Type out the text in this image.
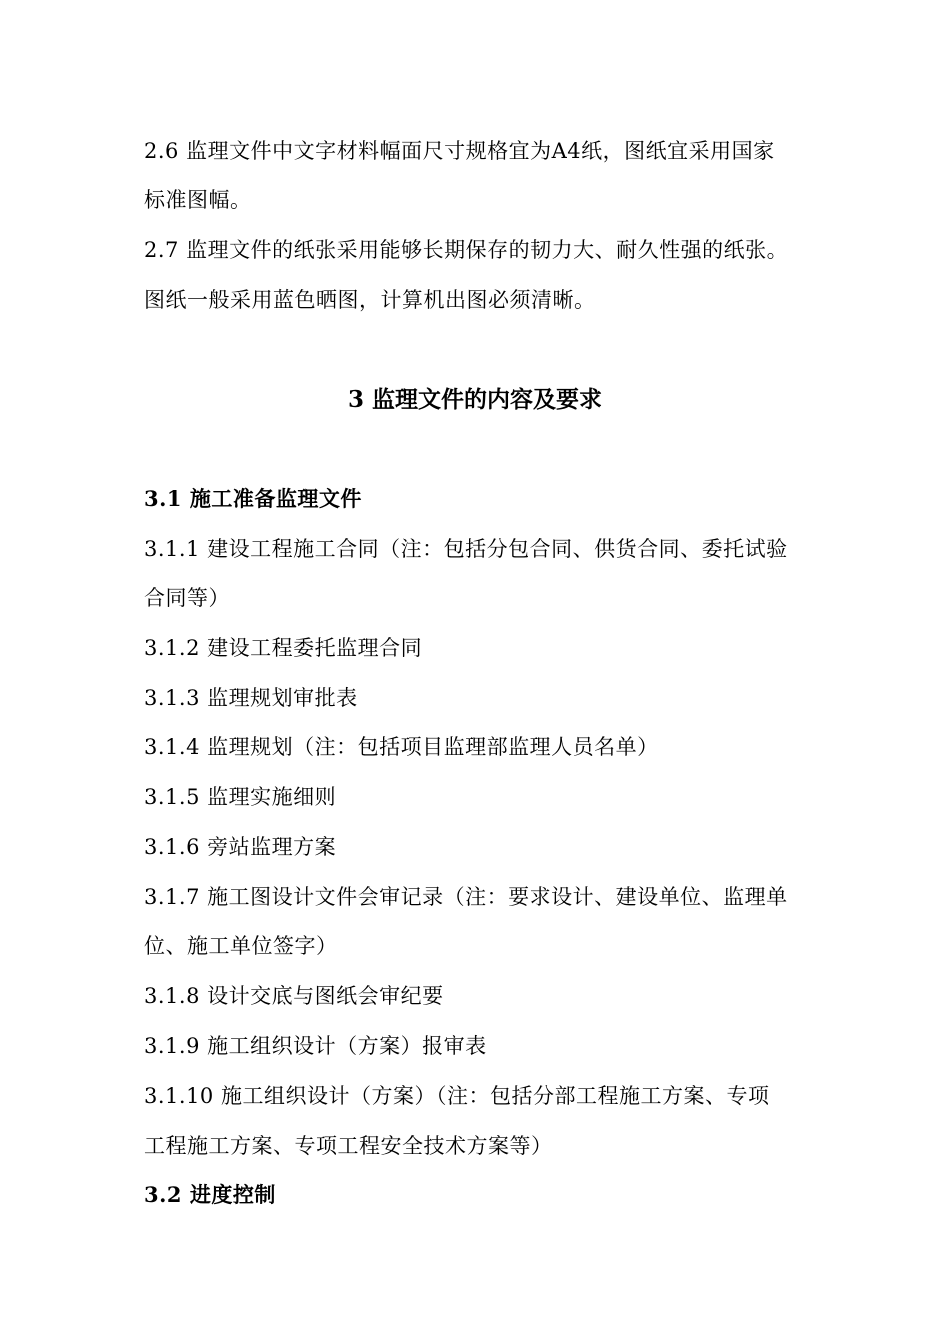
2.6 监理文件中文字材料幅面尺寸规格宜为A4纸，图纸宜采用国家
标准图幅。
2.7 监理文件的纸张采用能够长期保存的韧力大、耐久性强的纸张。
图纸一般采用蓝色晒图，计算机出图必须清晰。
3 监理文件的内容及要求
3.1 施工准备监理文件
3.1.1 建设工程施工合同（注：包括分包合同、供货合同、委托试验
合同等）
3.1.2 建设工程委托监理合同
3.1.3 监理规划审批表
3.1.4 监理规划（注：包括项目监理部监理人员名单）
3.1.5 监理实施细则
3.1.6 旁站监理方案
3.1.7 施工图设计文件会审记录（注：要求设计、建设单位、监理单
位、施工单位签字）
3.1.8 设计交底与图纸会审纪要
3.1.9 施工组织设计（方案）报审表
3.1.10 施工组织设计（方案）（注：包括分部工程施工方案、专项
工程施工方案、专项工程安全技术方案等）
3.2 进度控制
